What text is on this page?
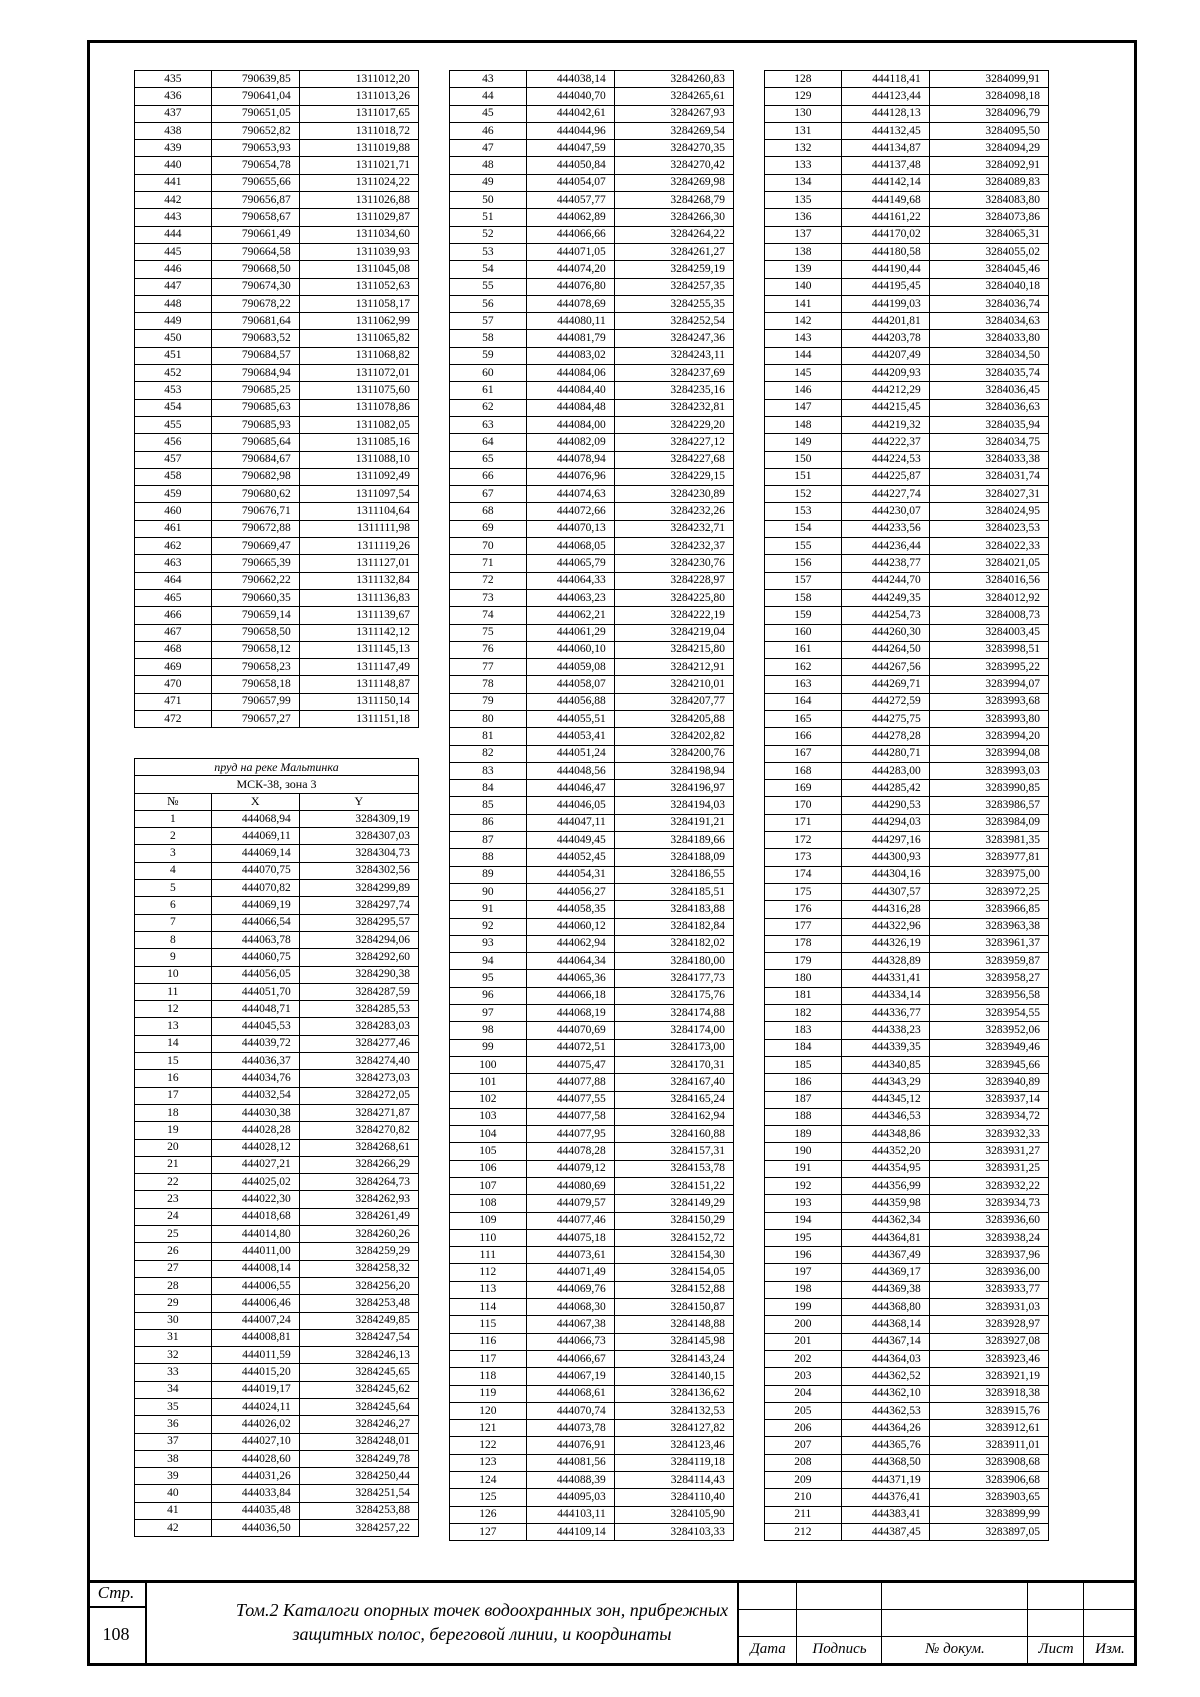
435	790639,85	1311012,20
436	790641,04	1311013,26
437	790651,05	1311017,65
438	790652,82	1311018,72
439	790653,93	1311019,88
440	790654,78	1311021,71
441	790655,66	1311024,22
442	790656,87	1311026,88
443	790658,67	1311029,87
444	790661,49	1311034,60
445	790664,58	1311039,93
446	790668,50	1311045,08
447	790674,30	1311052,63
448	790678,22	1311058,17
449	790681,64	1311062,99
450	790683,52	1311065,82
451	790684,57	1311068,82
452	790684,94	1311072,01
453	790685,25	1311075,60
454	790685,63	1311078,86
455	790685,93	1311082,05
456	790685,64	1311085,16
457	790684,67	1311088,10
458	790682,98	1311092,49
459	790680,62	1311097,54
460	790676,71	1311104,64
461	790672,88	1311111,98
462	790669,47	1311119,26
463	790665,39	1311127,01
464	790662,22	1311132,84
465	790660,35	1311136,83
466	790659,14	1311139,67
467	790658,50	1311142,12
468	790658,12	1311145,13
469	790658,23	1311147,49
470	790658,18	1311148,87
471	790657,99	1311150,14
472	790657,27	1311151,18
пруд на реке Мальтинка		
МСК-38, зона 3		
№	X	Y
1	444068,94	3284309,19
2	444069,11	3284307,03
3	444069,14	3284304,73
4	444070,75	3284302,56
5	444070,82	3284299,89
6	444069,19	3284297,74
7	444066,54	3284295,57
8	444063,78	3284294,06
9	444060,75	3284292,60
10	444056,05	3284290,38
11	444051,70	3284287,59
12	444048,71	3284285,53
13	444045,53	3284283,03
14	444039,72	3284277,46
15	444036,37	3284274,40
16	444034,76	3284273,03
17	444032,54	3284272,05
18	444030,38	3284271,87
19	444028,28	3284270,82
20	444028,12	3284268,61
21	444027,21	3284266,29
22	444025,02	3284264,73
23	444022,30	3284262,93
24	444018,68	3284261,49
25	444014,80	3284260,26
26	444011,00	3284259,29
27	444008,14	3284258,32
28	444006,55	3284256,20
29	444006,46	3284253,48
30	444007,24	3284249,85
31	444008,81	3284247,54
32	444011,59	3284246,13
33	444015,20	3284245,65
34	444019,17	3284245,62
35	444024,11	3284245,64
36	444026,02	3284246,27
37	444027,10	3284248,01
38	444028,60	3284249,78
39	444031,26	3284250,44
40	444033,84	3284251,54
41	444035,48	3284253,88
42	444036,50	3284257,22
43	444038,14	3284260,83
44	444040,70	3284265,61
45	444042,61	3284267,93
46	444044,96	3284269,54
47	444047,59	3284270,35
48	444050,84	3284270,42
49	444054,07	3284269,98
50	444057,77	3284268,79
51	444062,89	3284266,30
52	444066,66	3284264,22
53	444071,05	3284261,27
54	444074,20	3284259,19
55	444076,80	3284257,35
56	444078,69	3284255,35
57	444080,11	3284252,54
58	444081,79	3284247,36
59	444083,02	3284243,11
60	444084,06	3284237,69
61	444084,40	3284235,16
62	444084,48	3284232,81
63	444084,00	3284229,20
64	444082,09	3284227,12
65	444078,94	3284227,68
66	444076,96	3284229,15
67	444074,63	3284230,89
68	444072,66	3284232,26
69	444070,13	3284232,71
70	444068,05	3284232,37
71	444065,79	3284230,76
72	444064,33	3284228,97
73	444063,23	3284225,80
74	444062,21	3284222,19
75	444061,29	3284219,04
76	444060,10	3284215,80
77	444059,08	3284212,91
78	444058,07	3284210,01
79	444056,88	3284207,77
80	444055,51	3284205,88
81	444053,41	3284202,82
82	444051,24	3284200,76
83	444048,56	3284198,94
84	444046,47	3284196,97
85	444046,05	3284194,03
86	444047,11	3284191,21
87	444049,45	3284189,66
88	444052,45	3284188,09
89	444054,31	3284186,55
90	444056,27	3284185,51
91	444058,35	3284183,88
92	444060,12	3284182,84
93	444062,94	3284182,02
94	444064,34	3284180,00
95	444065,36	3284177,73
96	444066,18	3284175,76
97	444068,19	3284174,88
98	444070,69	3284174,00
99	444072,51	3284173,00
100	444075,47	3284170,31
101	444077,88	3284167,40
102	444077,55	3284165,24
103	444077,58	3284162,94
104	444077,95	3284160,88
105	444078,28	3284157,31
106	444079,12	3284153,78
107	444080,69	3284151,22
108	444079,57	3284149,29
109	444077,46	3284150,29
110	444075,18	3284152,72
111	444073,61	3284154,30
112	444071,49	3284154,05
113	444069,76	3284152,88
114	444068,30	3284150,87
115	444067,38	3284148,88
116	444066,73	3284145,98
117	444066,67	3284143,24
118	444067,19	3284140,15
119	444068,61	3284136,62
120	444070,74	3284132,53
121	444073,78	3284127,82
122	444076,91	3284123,46
123	444081,56	3284119,18
124	444088,39	3284114,43
125	444095,03	3284110,40
126	444103,11	3284105,90
127	444109,14	3284103,33
128	444118,41	3284099,91
129	444123,44	3284098,18
130	444128,13	3284096,79
131	444132,45	3284095,50
132	444134,87	3284094,29
133	444137,48	3284092,91
134	444142,14	3284089,83
135	444149,68	3284083,80
136	444161,22	3284073,86
137	444170,02	3284065,31
138	444180,58	3284055,02
139	444190,44	3284045,46
140	444195,45	3284040,18
141	444199,03	3284036,74
142	444201,81	3284034,63
143	444203,78	3284033,80
144	444207,49	3284034,50
145	444209,93	3284035,74
146	444212,29	3284036,45
147	444215,45	3284036,63
148	444219,32	3284035,94
149	444222,37	3284034,75
150	444224,53	3284033,38
151	444225,87	3284031,74
152	444227,74	3284027,31
153	444230,07	3284024,95
154	444233,56	3284023,53
155	444236,44	3284022,33
156	444238,77	3284021,05
157	444244,70	3284016,56
158	444249,35	3284012,92
159	444254,73	3284008,73
160	444260,30	3284003,45
161	444264,50	3283998,51
162	444267,56	3283995,22
163	444269,71	3283994,07
164	444272,59	3283993,68
165	444275,75	3283993,80
166	444278,28	3283994,20
167	444280,71	3283994,08
168	444283,00	3283993,03
169	444285,42	3283990,85
170	444290,53	3283986,57
171	444294,03	3283984,09
172	444297,16	3283981,35
173	444300,93	3283977,81
174	444304,16	3283975,00
175	444307,57	3283972,25
176	444316,28	3283966,85
177	444322,96	3283963,38
178	444326,19	3283961,37
179	444328,89	3283959,87
180	444331,41	3283958,27
181	444334,14	3283956,58
182	444336,77	3283954,55
183	444338,23	3283952,06
184	444339,35	3283949,46
185	444340,85	3283945,66
186	444343,29	3283940,89
187	444345,12	3283937,14
188	444346,53	3283934,72
189	444348,86	3283932,33
190	444352,20	3283931,27
191	444354,95	3283931,25
192	444356,99	3283932,22
193	444359,98	3283934,73
194	444362,34	3283936,60
195	444364,81	3283938,24
196	444367,49	3283937,96
197	444369,17	3283936,00
198	444369,38	3283933,77
199	444368,80	3283931,03
200	444368,14	3283928,97
201	444367,14	3283927,08
202	444364,03	3283923,46
203	444362,52	3283921,19
204	444362,10	3283918,38
205	444362,53	3283915,76
206	444364,26	3283912,61
207	444365,76	3283911,01
208	444368,50	3283908,68
209	444371,19	3283906,68
210	444376,41	3283903,65
211	444383,41	3283899,99
212	444387,45	3283897,05
Стр.
108
Том.2 Каталоги опорных точек водоохранных зон, прибрежных
защитных полос, береговой линии, и координаты
Дата	Подпись	№ докум.	Лист	Изм.
